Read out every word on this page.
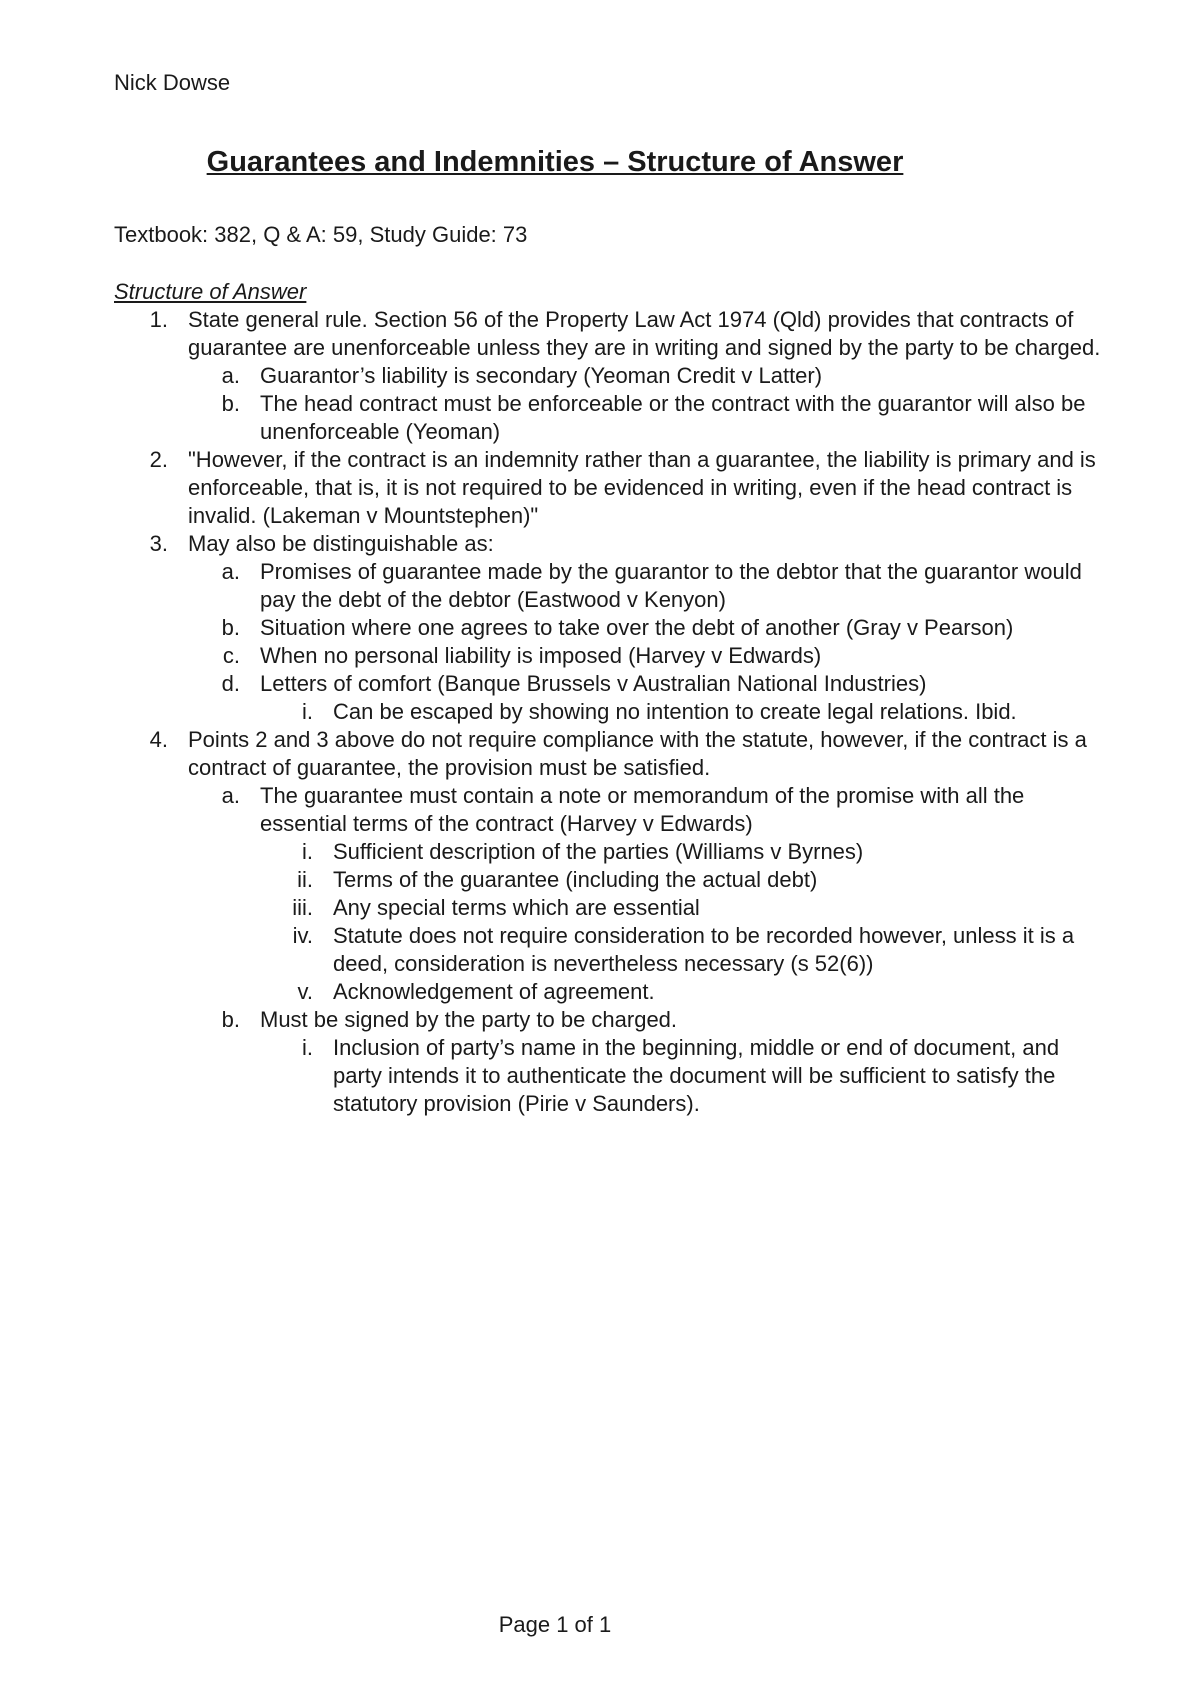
Nick Dowse
Guarantees and Indemnities – Structure of Answer
Textbook: 382, Q & A: 59, Study Guide: 73
Structure of Answer
1. State general rule. Section 56 of the Property Law Act 1974 (Qld) provides that contracts of guarantee are unenforceable unless they are in writing and signed by the party to be charged.
a. Guarantor’s liability is secondary (Yeoman Credit v Latter)
b. The head contract must be enforceable or the contract with the guarantor will also be unenforceable (Yeoman)
2. "However, if the contract is an indemnity rather than a guarantee, the liability is primary and is enforceable, that is, it is not required to be evidenced in writing, even if the head contract is invalid. (Lakeman v Mountstephen)"
3. May also be distinguishable as:
a. Promises of guarantee made by the guarantor to the debtor that the guarantor would pay the debt of the debtor (Eastwood v Kenyon)
b. Situation where one agrees to take over the debt of another (Gray v Pearson)
c. When no personal liability is imposed (Harvey v Edwards)
d. Letters of comfort (Banque Brussels v Australian National Industries)
i. Can be escaped by showing no intention to create legal relations. Ibid.
4. Points 2 and 3 above do not require compliance with the statute, however, if the contract is a contract of guarantee, the provision must be satisfied.
a. The guarantee must contain a note or memorandum of the promise with all the essential terms of the contract (Harvey v Edwards)
i. Sufficient description of the parties (Williams v Byrnes)
ii. Terms of the guarantee (including the actual debt)
iii. Any special terms which are essential
iv. Statute does not require consideration to be recorded however, unless it is a deed, consideration is nevertheless necessary (s 52(6))
v. Acknowledgement of agreement.
b. Must be signed by the party to be charged.
i. Inclusion of party’s name in the beginning, middle or end of document, and party intends it to authenticate the document will be sufficient to satisfy the statutory provision (Pirie v Saunders).
Page 1 of 1
